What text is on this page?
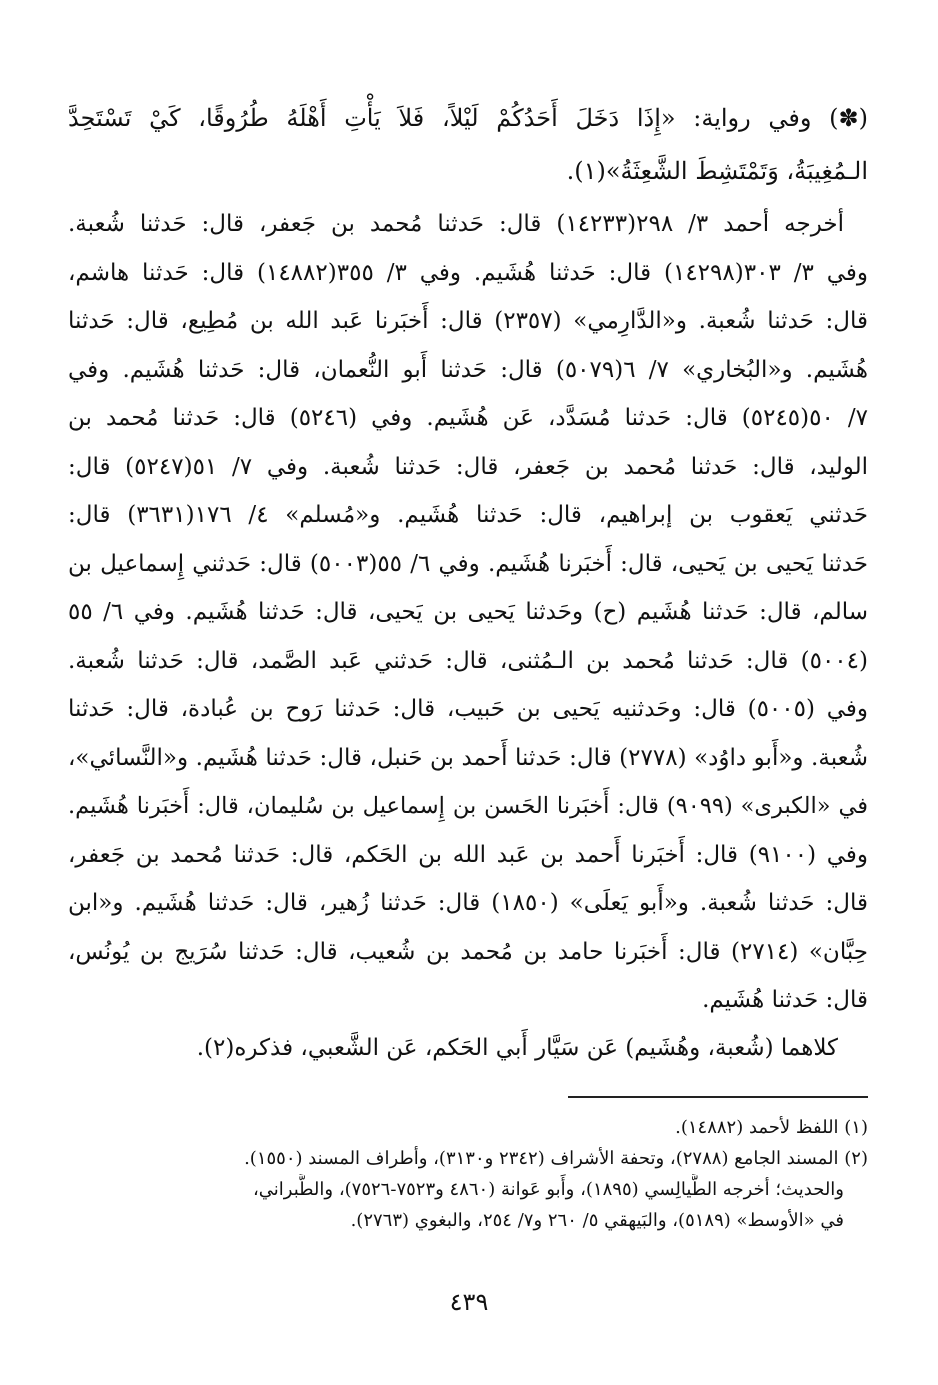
(✽) وفي رواية: «إِذَا دَخَلَ أَحَدُكُمْ لَيْلاً، فَلاَ يَأْتِ أَهْلَهُ طُرُوقًا، كَيْ تَسْتَحِدَّ
الـمُغِيبَةُ، وَتَمْتَشِطَ الشَّعِثَةُ»(١).
أخرجه أحمد ٣/ ٢٩٨(١٤٢٣٣) قال: حَدثنا مُحمد بن جَعفر، قال: حَدثنا شُعبة.
وفي ٣/ ٣٠٣(١٤٢٩٨) قال: حَدثنا هُشَيم. وفي ٣/ ٣٥٥(١٤٨٨٢) قال: حَدثنا هاشم،
قال: حَدثنا شُعبة. و«الدَّارِمي» (٢٣٥٧) قال: أَخبَرنا عَبد الله بن مُطِيع، قال: حَدثنا
هُشَيم. و«البُخاري» ٧/ ٦(٥٠٧٩) قال: حَدثنا أَبو النُّعمان، قال: حَدثنا هُشَيم. وفي
٧/ ٥٠(٥٢٤٥) قال: حَدثنا مُسَدَّد، عَن هُشَيم. وفي (٥٢٤٦) قال: حَدثنا مُحمد بن
الوليد، قال: حَدثنا مُحمد بن جَعفر، قال: حَدثنا شُعبة. وفي ٧/ ٥١(٥٢٤٧) قال:
حَدثني يَعقوب بن إبراهيم، قال: حَدثنا هُشَيم. و«مُسلم» ٤/ ١٧٦(٣٦٣١) قال:
حَدثنا يَحيى بن يَحيى، قال: أَخبَرنا هُشَيم. وفي ٦/ ٥٥(٥٠٠٣) قال: حَدثني إِسماعيل بن
سالم، قال: حَدثنا هُشَيم (ح) وحَدثنا يَحيى بن يَحيى، قال: حَدثنا هُشَيم. وفي ٦/ ٥٥
(٥٠٠٤) قال: حَدثنا مُحمد بن الـمُثنى، قال: حَدثني عَبد الصَّمد، قال: حَدثنا شُعبة.
وفي (٥٠٠٥) قال: وحَدثنيه يَحيى بن حَبيب، قال: حَدثنا رَوح بن عُبادة، قال: حَدثنا
شُعبة. و«أَبو داوُد» (٢٧٧٨) قال: حَدثنا أَحمد بن حَنبل، قال: حَدثنا هُشَيم. و«النَّسائي»،
في «الكبرى» (٩٠٩٩) قال: أَخبَرنا الحَسن بن إِسماعيل بن سُليمان، قال: أَخبَرنا هُشَيم.
وفي (٩١٠٠) قال: أَخبَرنا أَحمد بن عَبد الله بن الحَكم، قال: حَدثنا مُحمد بن جَعفر،
قال: حَدثنا شُعبة. و«أَبو يَعلَى» (١٨٥٠) قال: حَدثنا زُهير، قال: حَدثنا هُشَيم. و«ابن
حِبَّان» (٢٧١٤) قال: أَخبَرنا حامد بن مُحمد بن شُعيب، قال: حَدثنا سُرَيج بن يُونُس،
قال: حَدثنا هُشَيم.
كلاهما (شُعبة، وهُشَيم) عَن سَيَّار أَبي الحَكم، عَن الشَّعبي، فذكره(٢).
(١) اللفظ لأحمد (١٤٨٨٢).
(٢) المسند الجامع (٢٧٨٨)، وتحفة الأشراف (٢٣٤٢ و٣١٣٠)، وأطراف المسند (١٥٥٠).
والحديث؛ أخرجه الطَّيالِسي (١٨٩٥)، وأَبو عَوانة (٤٨٦٠ و٧٥٢٣-٧٥٢٦)، والطَّبراني،
في «الأوسط» (٥١٨٩)، والبَيهقي ٥/ ٢٦٠ و٧/ ٢٥٤، والبغوي (٢٧٦٣).
٤٣٩
